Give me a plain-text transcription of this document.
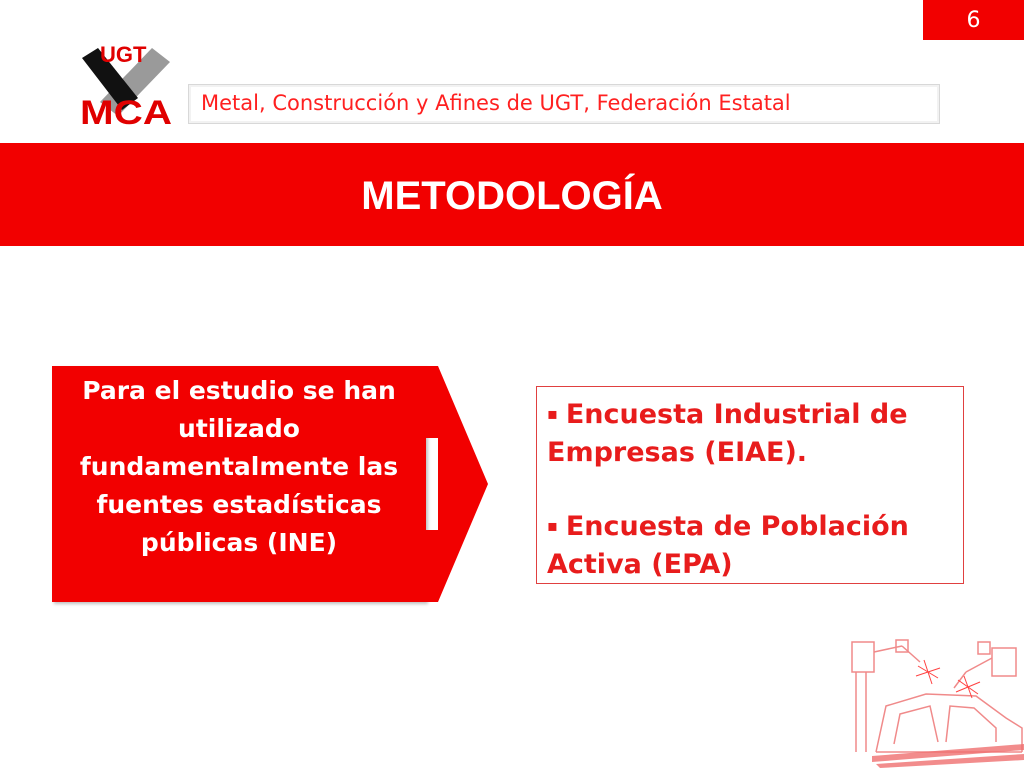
6
UGT
MCA Metal, Construcción y Afines de UGT, Federación Estatal
METODOLOGÍA
Para el estudio se han utilizado fundamentalmente las fuentes estadísticas públicas (INE)
▪ Encuesta Industrial de Empresas (EIAE).
▪ Encuesta de Población Activa (EPA)
